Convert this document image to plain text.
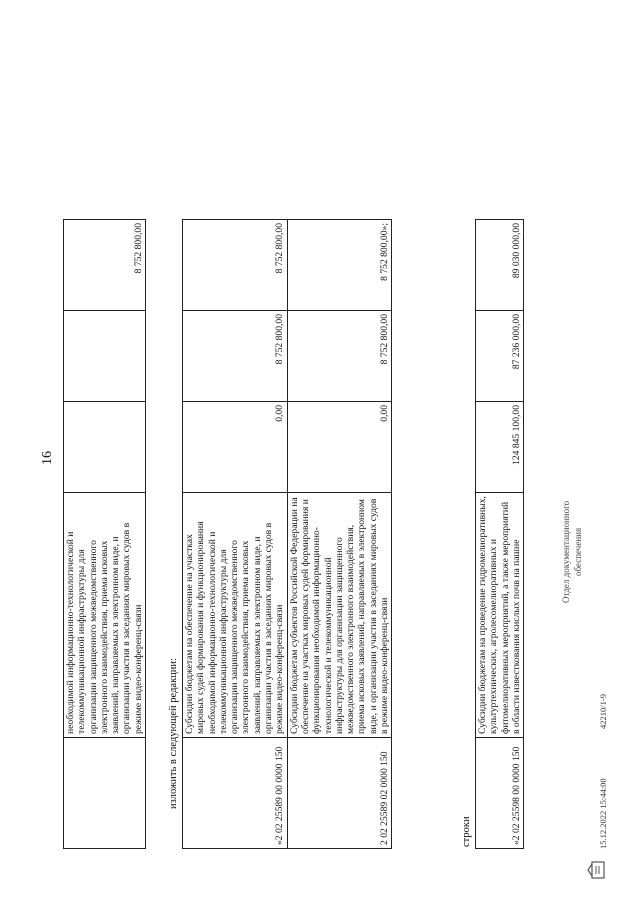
16
	необходимой информационно-технологической и телекоммуникационной инфраструктуры для организации защищенного межведомственного электронного взаимодействия, приема исковых заявлений, направляемых в электронном виде, и организации участия в заседаниях мировых судов в режиме видео-конференц-связи			8 752 800,00
изложить в следующей редакции:	«2 02 25589 00 0000 150	Субсидии бюджетам на обеспечение на участках мировых судей формирования и функционирования необходимой информационно-технологической и телекоммуникационной инфраструктуры для организации защищенного межведомственного электронного взаимодействия, приема исковых заявлений, направляемых в электронном виде, и организации участия в заседаниях мировых судов в режиме видео-конференц-связи	0,00	8 752 800,00	8 752 800,00
2 02 25589 02 0000 150	Субсидии бюджетам субъектов Российской Федерации на обеспечение на участках мировых судей формирования и функционирования необходимой информационно-технологической и телекоммуникационной инфраструктуры для организации защищенного межведомственного электронного взаимодействия, приема исковых заявлений, направляемых в электронном виде, и организации участия в заседаниях мировых судов в режиме видео-конференц-связи	0,00	8 752 800,00	8 752 800,00»;
строки	«2 02 25598 00 0000 150	Субсидии бюджетам на проведение гидромелиоративных, культуртехнических, агролесомелиоративных и фитомелиоративных мероприятий, а также мероприятий в области известкования кислых почв на пашне	124 845 100,00	87 236 000,00	89 030 000,00
15.12.2022 15:44:00
42210/1-9
Отдел документационного обеспечения
